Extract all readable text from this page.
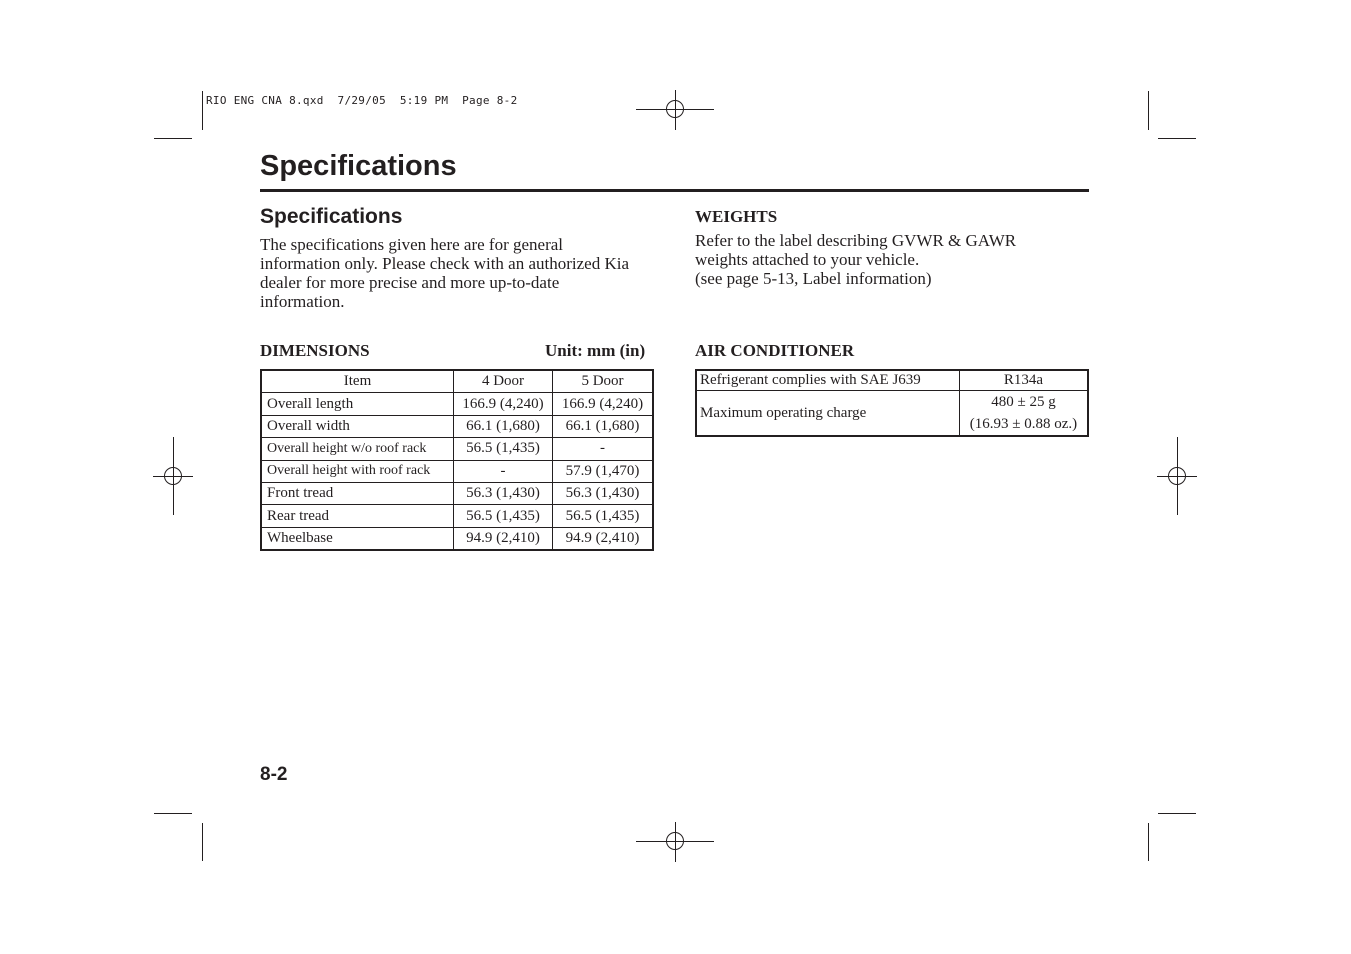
RIO ENG CNA 8.qxd  7/29/05  5:19 PM  Page 8-2
Specifications
Specifications
The specifications given here are for general
information only. Please check with an authorized Kia
dealer for more precise and more up-to-date
information.
DIMENSIONS	Unit: mm (in)
Item	4 Door	5 Door
Overall length	166.9 (4,240)	166.9 (4,240)
Overall width	66.1 (1,680)	66.1 (1,680)
Overall height w/o roof rack	56.5 (1,435)	-
Overall height with roof rack	-	57.9 (1,470)
Front tread	56.3 (1,430)	56.3 (1,430)
Rear tread	56.5 (1,435)	56.5 (1,435)
Wheelbase	94.9 (2,410)	94.9 (2,410)
WEIGHTS
Refer to the label describing GVWR & GAWR
weights attached to your vehicle.
(see page 5-13, Label information)
AIR CONDITIONER
Refrigerant complies with SAE J639	R134a
Maximum operating charge	480 ± 25 g
(16.93 ± 0.88 oz.)
8-2
